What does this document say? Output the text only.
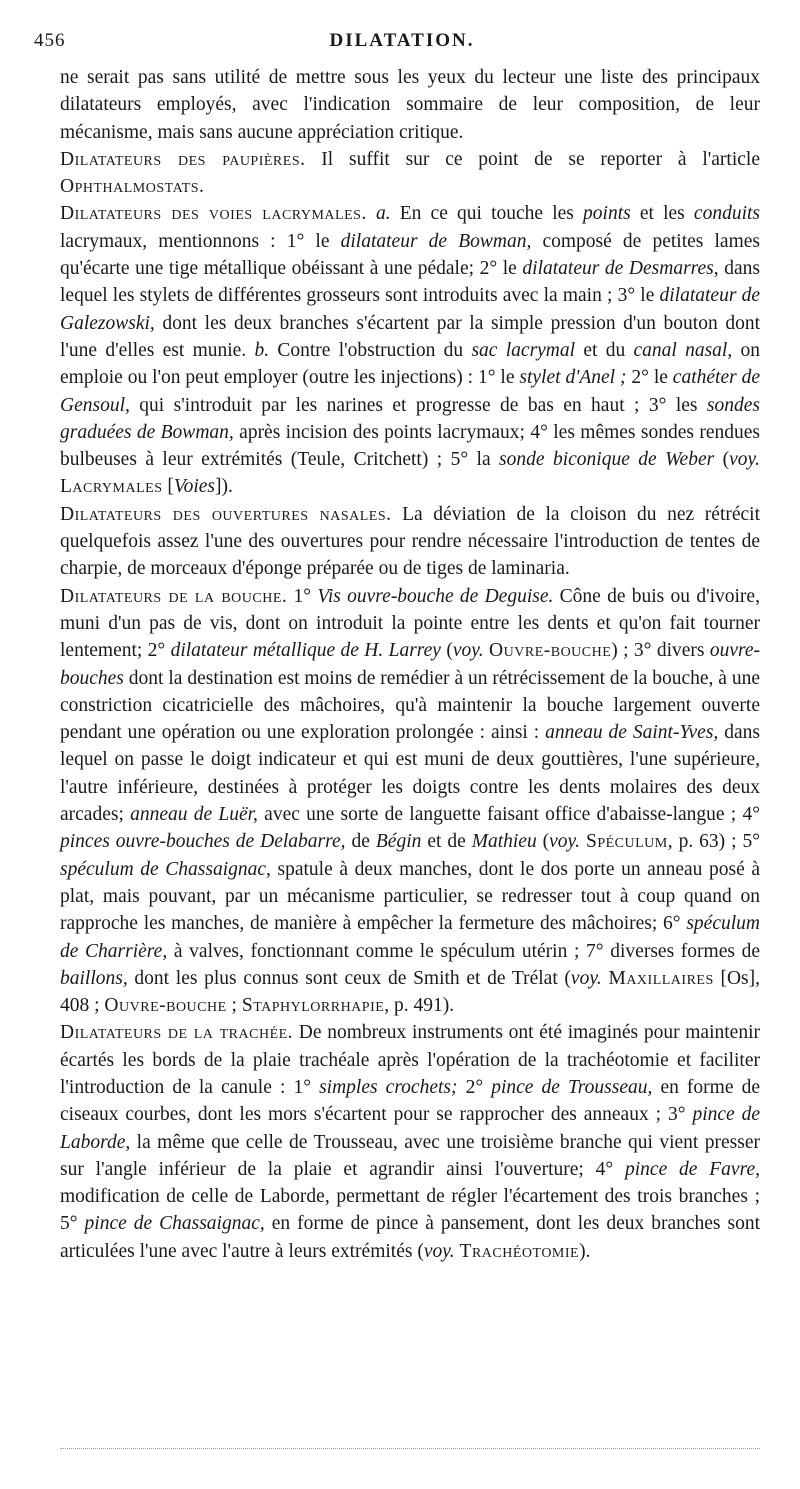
456	DILATATION.

ne serait pas sans utilité de mettre sous les yeux du lecteur une liste des principaux dilatateurs employés, avec l'indication sommaire de leur composition, de leur mécanisme, mais sans aucune appréciation critique.

Dilatateurs des paupières. Il suffit sur ce point de se reporter à l'article Ophthalmostats.

Dilatateurs des voies lacrymales. a. En ce qui touche les points et les conduits lacrymaux, mentionnons : 1° le dilatateur de Bowman, composé de petites lames qu'écarte une tige métallique obéissant à une pédale; 2° le dilatateur de Desmarres, dans lequel les stylets de différentes grosseurs sont introduits avec la main ; 3° le dilatateur de Galezowski, dont les deux branches s'écartent par la simple pression d'un bouton dont l'une d'elles est munie. b. Contre l'obstruction du sac lacrymal et du canal nasal, on emploie ou l'on peut employer (outre les injections) : 1° le stylet d'Anel ; 2° le cathéter de Gensoul, qui s'introduit par les narines et progresse de bas en haut ; 3° les sondes graduées de Bowman, après incision des points lacrymaux; 4° les mêmes sondes rendues bulbeuses à leur extrémités (Teule, Critchett) ; 5° la sonde biconique de Weber (voy. Lacrymales [Voies]).

Dilatateurs des ouvertures nasales. La déviation de la cloison du nez rétrécit quelquefois assez l'une des ouvertures pour rendre nécessaire l'introduction de tentes de charpie, de morceaux d'éponge préparée ou de tiges de laminaria.

Dilatateurs de la bouche. 1° Vis ouvre-bouche de Deguise. Cône de buis ou d'ivoire, muni d'un pas de vis, dont on introduit la pointe entre les dents et qu'on fait tourner lentement; 2° dilatateur métallique de H. Larrey (voy. Ouvre-bouche) ; 3° divers ouvre-bouches dont la destination est moins de remédier à un rétrécissement de la bouche, à une constriction cicatricielle des mâchoires, qu'à maintenir la bouche largement ouverte pendant une opération ou une exploration prolongée : ainsi : anneau de Saint-Yves, dans lequel on passe le doigt indicateur et qui est muni de deux gouttières, l'une supérieure, l'autre inférieure, destinées à protéger les doigts contre les dents molaires des deux arcades; anneau de Luër, avec une sorte de languette faisant office d'abaisse-langue ; 4° pinces ouvre-bouches de Delabarre, de Bégin et de Mathieu (voy. Spéculum, p. 63) ; 5° spéculum de Chassaignac, spatule à deux manches, dont le dos porte un anneau posé à plat, mais pouvant, par un mécanisme particulier, se redresser tout à coup quand on rapproche les manches, de manière à empêcher la fermeture des mâchoires; 6° spéculum de Charrière, à valves, fonctionnant comme le spéculum utérin ; 7° diverses formes de baillons, dont les plus connus sont ceux de Smith et de Trélat (voy. Maxillaires [Os], 408 ; Ouvre-bouche ; Staphylorrhapie, p. 491).

Dilatateurs de la trachée. De nombreux instruments ont été imaginés pour maintenir écartés les bords de la plaie trachéale après l'opération de la trachéotomie et faciliter l'introduction de la canule : 1° simples crochets; 2° pince de Trousseau, en forme de ciseaux courbes, dont les mors s'écartent pour se rapprocher des anneaux ; 3° pince de Laborde, la même que celle de Trousseau, avec une troisième branche qui vient presser sur l'angle inférieur de la plaie et agrandir ainsi l'ouverture; 4° pince de Favre, modification de celle de Laborde, permettant de régler l'écartement des trois branches ; 5° pince de Chassaignac, en forme de pince à pansement, dont les deux branches sont articulées l'une avec l'autre à leurs extrémités (voy. Trachéotomie).
